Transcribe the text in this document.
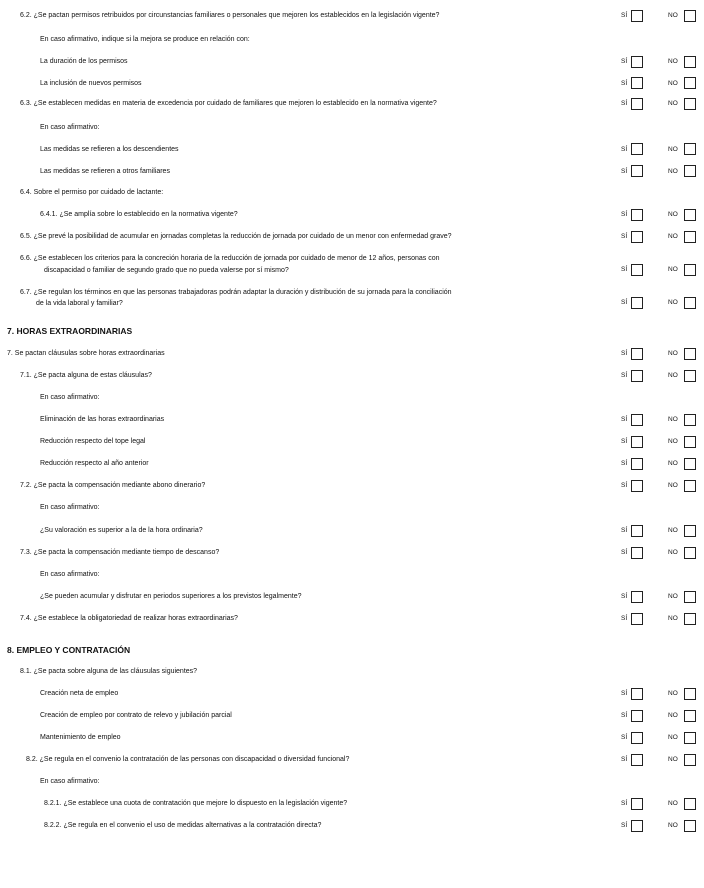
6.2. ¿Se pactan permisos retribuidos por circunstancias familiares o personales que mejoren los establecidos en la legislación vigente?	SÍ	NO
En caso afirmativo, indique si la mejora se produce en relación con:
La duración de los permisos	SÍ	NO
La inclusión de nuevos permisos	SÍ	NO
6.3. ¿Se establecen medidas en materia de excedencia por cuidado de familiares que mejoren lo establecido en la normativa vigente?	SÍ	NO
En caso afirmativo:
Las medidas se refieren a los descendientes	SÍ	NO
Las medidas se refieren a otros familiares	SÍ	NO
6.4. Sobre el permiso por cuidado de lactante:
6.4.1. ¿Se amplía sobre lo establecido en la normativa vigente?	SÍ	NO
6.5. ¿Se prevé la posibilidad de acumular en jornadas completas la reducción de jornada por cuidado de un menor con enfermedad grave?	SÍ	NO
6.6. ¿Se establecen los criterios para la concreción horaria de la reducción de jornada por cuidado de menor de 12 años, personas con
discapacidad o familiar de segundo grado que no pueda valerse por sí mismo?	SÍ	NO
6.7. ¿Se regulan los términos en que las personas trabajadoras podrán adaptar la duración y distribución de su jornada para la conciliación
de la vida laboral y familiar?	SÍ	NO
7. HORAS EXTRAORDINARIAS
7. Se pactan cláusulas sobre horas extraordinarias	SÍ	NO
7.1. ¿Se pacta alguna de estas cláusulas?	SÍ	NO
En caso afirmativo:
Eliminación de las horas extraordinarias	SÍ	NO
Reducción respecto del tope legal	SÍ	NO
Reducción respecto al año anterior	SÍ	NO
7.2. ¿Se pacta la compensación mediante abono dinerario?	SÍ	NO
En caso afirmativo:
¿Su valoración es superior a la de la hora ordinaria?	SÍ	NO
7.3. ¿Se pacta la compensación mediante tiempo de descanso?	SÍ	NO
En caso afirmativo:
¿Se pueden acumular y disfrutar en periodos superiores a los previstos legalmente?	SÍ	NO
7.4. ¿Se establece la obligatoriedad de realizar horas extraordinarias?	SÍ	NO
8. EMPLEO Y CONTRATACIÓN
8.1. ¿Se pacta sobre alguna de las cláusulas siguientes?
Creación neta de empleo	SÍ	NO
Creación de empleo por contrato de relevo y jubilación parcial	SÍ	NO
Mantenimiento de empleo	SÍ	NO
8.2. ¿Se regula en el convenio la contratación de las personas con discapacidad o diversidad funcional?	SÍ	NO
En caso afirmativo:
8.2.1. ¿Se establece una cuota de contratación que mejore lo dispuesto en la legislación vigente?	SÍ	NO
8.2.2. ¿Se regula en el convenio el uso de medidas alternativas a la contratación directa?	SÍ	NO
